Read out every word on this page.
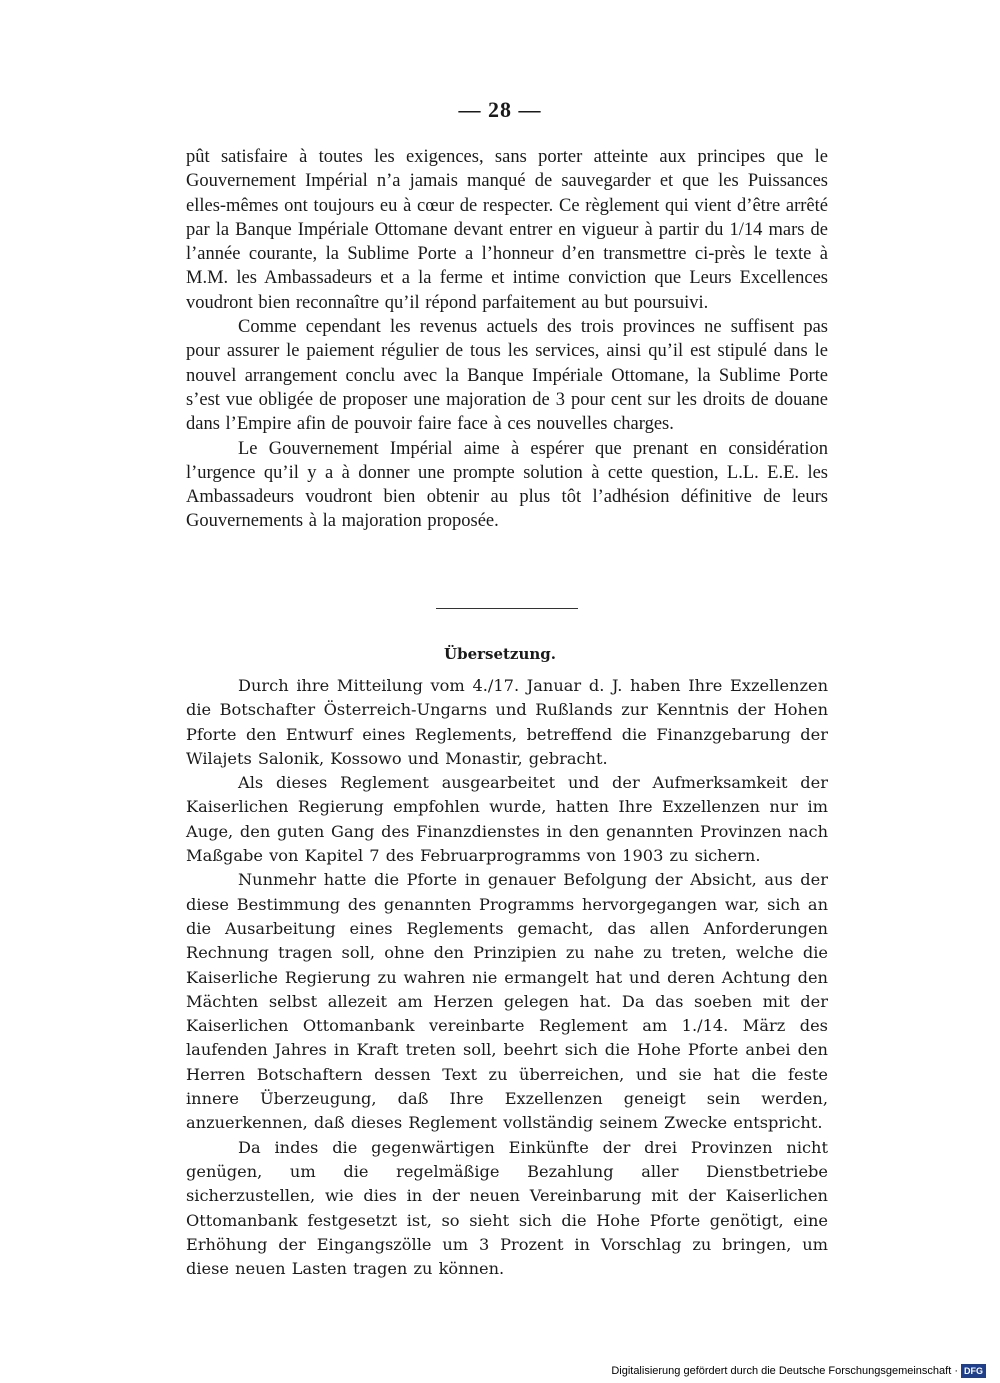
— 28 —

pût satisfaire à toutes les exigences, sans porter atteinte aux principes que le Gouvernement Impérial n’a jamais manqué de sauvegarder et que les Puissances elles-mêmes ont toujours eu à cœur de respecter. Ce règlement qui vient d’être arrêté par la Banque Impériale Ottomane devant entrer en vigueur à partir du 1/14 mars de l’année courante, la Sublime Porte a l’honneur d’en transmettre ci-près le texte à M.M. les Ambassadeurs et a la ferme et intime conviction que Leurs Excellences voudront bien reconnaître qu’il répond parfaitement au but poursuivi.

Comme cependant les revenus actuels des trois provinces ne suffisent pas pour assurer le paiement régulier de tous les services, ainsi qu’il est stipulé dans le nouvel arrangement conclu avec la Banque Impériale Ottomane, la Sublime Porte s’est vue obligée de proposer une majoration de 3 pour cent sur les droits de douane dans l’Empire afin de pouvoir faire face à ces nouvelles charges.

Le Gouvernement Impérial aime à espérer que prenant en considération l’urgence qu’il y a à donner une prompte solution à cette question, L.L. E.E. les Ambassadeurs voudront bien obtenir au plus tôt l’adhésion définitive de leurs Gouvernements à la majoration proposée.

Übersetzung.

Durch ihre Mitteilung vom 4./17. Januar d. J. haben Ihre Exzellenzen die Botschafter Österreich-Ungarns und Rußlands zur Kenntnis der Hohen Pforte den Entwurf eines Reglements, betreffend die Finanzgebarung der Wilajets Salonik, Kossowo und Monastir, gebracht.

Als dieses Reglement ausgearbeitet und der Aufmerksamkeit der Kaiserlichen Regierung empfohlen wurde, hatten Ihre Exzellenzen nur im Auge, den guten Gang des Finanzdienstes in den genannten Provinzen nach Maßgabe von Kapitel 7 des Februarprogramms von 1903 zu sichern.

Nunmehr hatte die Pforte in genauer Befolgung der Absicht, aus der diese Bestimmung des genannten Programms hervorgegangen war, sich an die Ausarbeitung eines Reglements gemacht, das allen Anforderungen Rechnung tragen soll, ohne den Prinzipien zu nahe zu treten, welche die Kaiserliche Regierung zu wahren nie ermangelt hat und deren Achtung den Mächten selbst allezeit am Herzen gelegen hat. Da das soeben mit der Kaiserlichen Ottomanbank vereinbarte Reglement am 1./14. März des laufenden Jahres in Kraft treten soll, beehrt sich die Hohe Pforte anbei den Herren Botschaftern dessen Text zu überreichen, und sie hat die feste innere Überzeugung, daß Ihre Exzellenzen geneigt sein werden, anzuerkennen, daß dieses Reglement vollständig seinem Zwecke entspricht.

Da indes die gegenwärtigen Einkünfte der drei Provinzen nicht genügen, um die regelmäßige Bezahlung aller Dienstbetriebe sicherzustellen, wie dies in der neuen Vereinbarung mit der Kaiserlichen Ottomanbank festgesetzt ist, so sieht sich die Hohe Pforte genötigt, eine Erhöhung der Eingangszölle um 3 Prozent in Vorschlag zu bringen, um diese neuen Lasten tragen zu können.

Digitalisierung gefördert durch die Deutsche Forschungsgemeinschaft · DFG
